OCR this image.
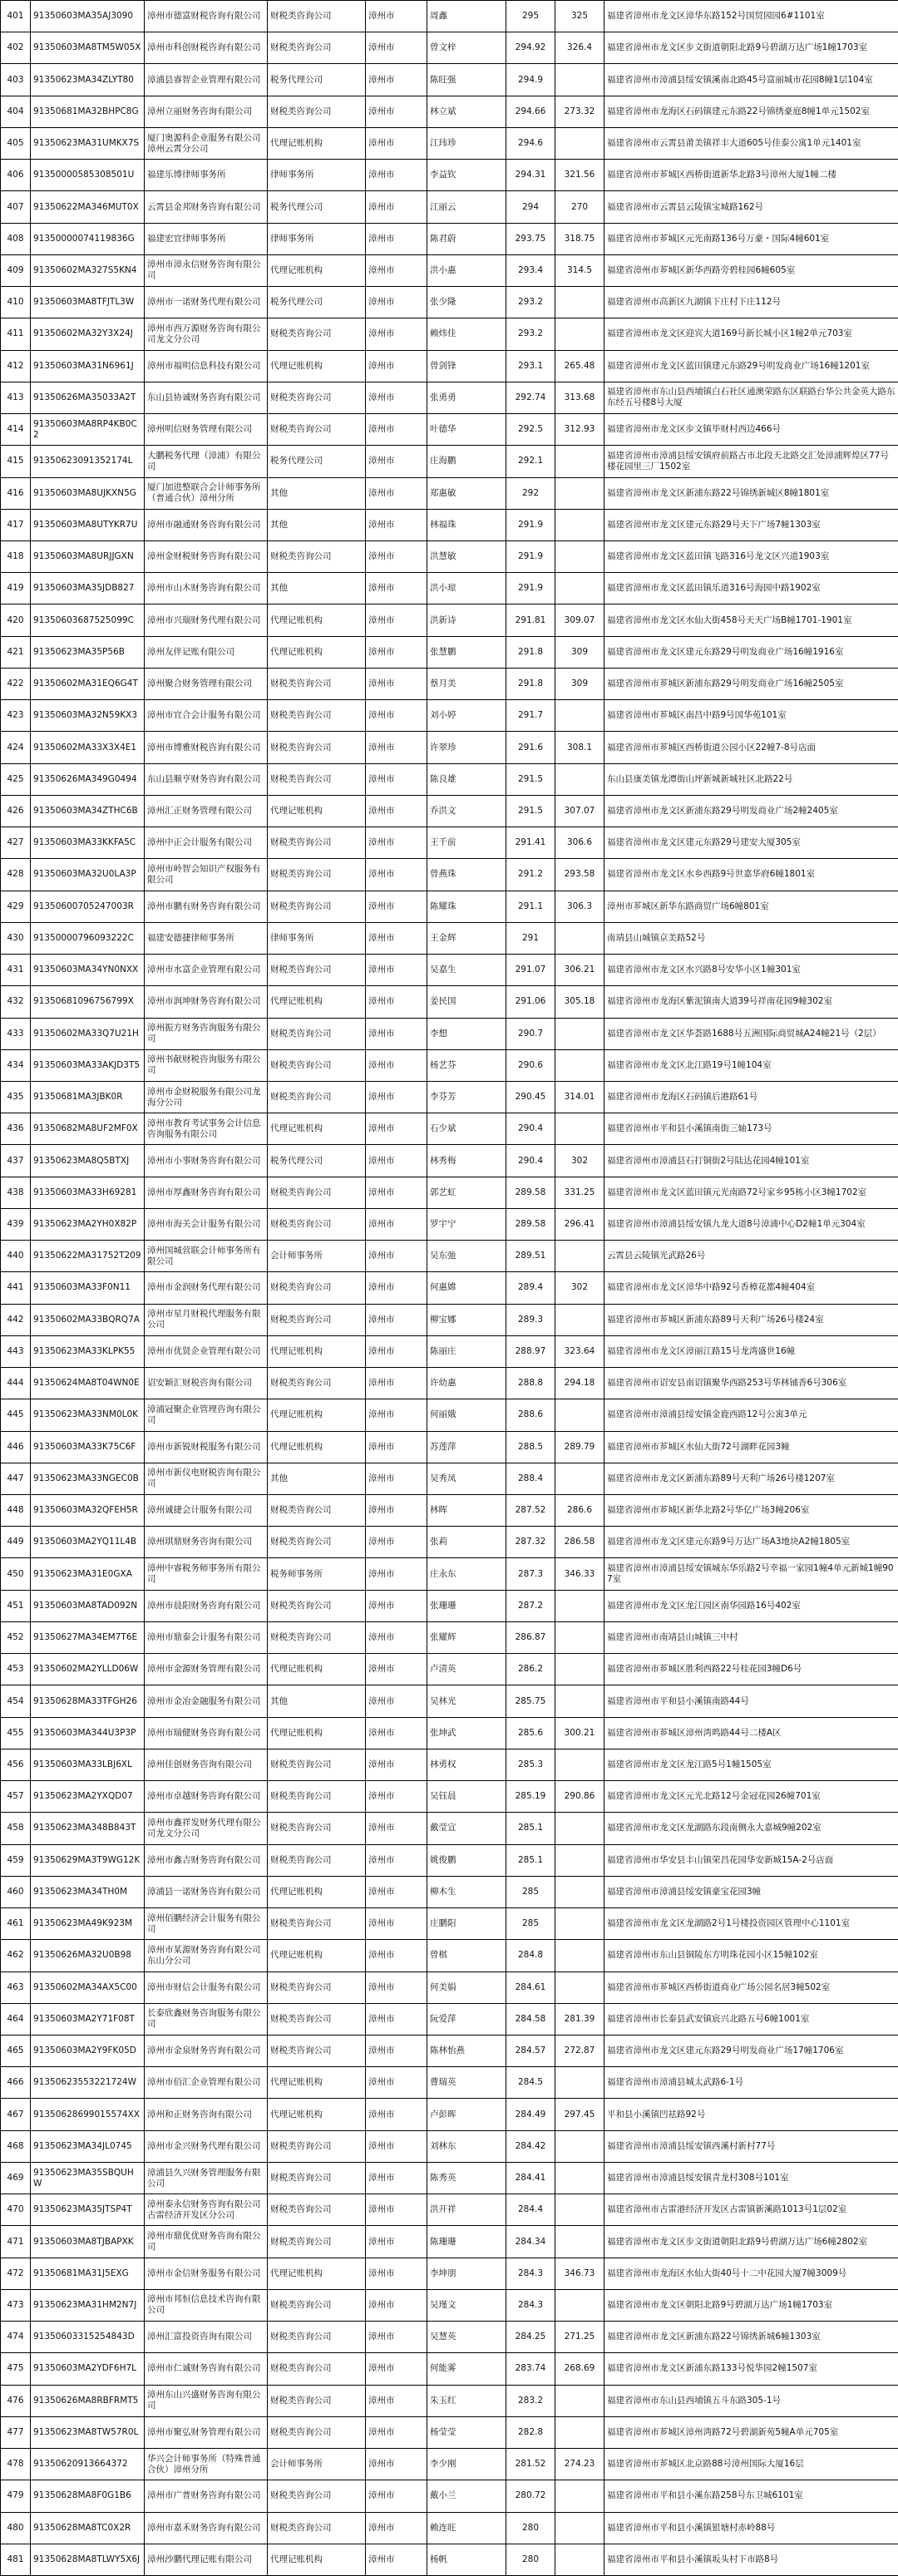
401	91350603MA35AJ3090	漳州市德富财税咨询有限公司	财税类咨询公司	漳州市	周鑫	295	325	福建省漳州市龙文区漳华东路152号国贸园园6#1101室
402	91350603MA8TM5W05X	漳州市科创财税咨询有限公司	财税类咨询公司	漳州市	曾文梓	294.92	326.4	福建省漳州市龙文区步文街道朝阳北路9号碧湖万达广场1幢1703室
403	91350623MA34ZLYT80	漳浦县睿智企业管理有限公司	税务代理公司	漳州市	陈旺强	294.9		福建省漳州市漳浦县绥安镇溪南北路45号富丽城市花园8幢1层104室
404	91350681MA32BHPC8G	漳州立丽财务咨询有限公司	财税类咨询公司	漳州市	林立斌	294.66	273.32	福建省漳州市龙海区石码镇建元东路22号锦绣豪庭8幢1单元1502室
405	91350623MA31UMKX7S	厦门奥源科企业服务有限公司漳州云霄分公司	代理记账机构	漳州市	江玮珍	294.6		福建省漳州市云霄县莆美镇祥丰大道605号佳泰公寓1单元1401室
406	91350000585308501U	福建乐博律师事务所	律师事务所	漳州市	李益钦	294.31	321.56	福建省漳州市芗城区西桥街道新华北路3号漳州大厦1幢二楼
407	91350622MA346MUT0X	云霄县金邦财务咨询有限公司	税务代理公司	漳州市	江丽云	294	270	福建省漳州市云霄县云陵镇宝城路162号
408	91350000074119836G	福建宏宜律师事务所	律师事务所	漳州市	陈君蔚	293.75	318.75	福建省漳州市芗城区元光南路136号万豪・国际4幢601室
409	91350602MA327S5KN4	漳州市漳永信财务咨询有限公司	代理记账机构	漳州市	洪小惠	293.4	314.5	福建省漳州市芗城区新华西路旁碧桂园6幢605室
410	91350603MA8TFJTL3W	漳州市一诺财务代理有限公司	税务代理公司	漳州市	张少隆	293.2		福建省漳州市高新区九湖镇下庄村下庄112号
411	91350602MA32Y3X24J	漳州市西万源财务咨询有限公司龙文分公司	财税类咨询公司	漳州市	赖炜佳	293.2		福建省漳州市龙文区迎宾大道169号新长城小区1幢2单元703室
412	91350603MA31N6961J	漳州市福明信息科技有限公司	代理记账机构	漳州市	曾剑锋	293.1	265.48	福建省漳州市龙文区蓝田镇建元东路29号明发商业广场16幢1201室
413	91350626MA35033A2T	东山县协诚财务咨询有限公司	财税类咨询公司	漳州市	张勇勇	292.74	313.68	福建省漳州市东山县西埔镇白石社区通澳荣路东区联路台华公共金英大路东东经五号楼8号大厦
414	91350603MA8RP4KB0C2	漳州明信财务管理有限公司	财税类咨询公司	漳州市	叶德华	292.5	312.93	福建省漳州市龙文区步文镇毕财村西边466号
415	91350623091352174L	大鹏税务代理（漳浦）有限公司	税务代理公司	漳州市	庄海鹏	292.1		福建省漳州市漳浦县绥安镇府前路古市北段天北路交汇处漳浦辉煌区77号楼花园里三厂1502室
416	91350603MA8UJKXN5G	厦门加进整联合会计师事务所（普通合伙）漳州分所	其他	漳州市	郑惠敏	292		福建省漳州市龙文区新浦东路22号锦绣新城区8幢1801室
417	91350603MA8UTYKR7U	漳州市融通财务咨询有限公司	其他	漳州市	林福珠	291.9		福建省漳州市龙文区建元东路29号天下广场7幢1303室
418	91350603MA8URJJGXN	漳州金财税财务咨询有限公司	财税类咨询公司	漳州市	洪慧敏	291.9		福建省漳州市龙文区蓝田镇飞路316号龙文区兴道1903室
419	91350603MA35JDB827	漳州市山木财务咨询有限公司	其他	漳州市	洪小琼	291.9		福建省漳州市龙文区蓝田镇乐道316号海园中路1902室
420	91350603687525099C	漳州市兴瑞财务代理有限公司	代理记账机构	漳州市	洪新诗	291.81	309.07	福建省漳州市龙文区水仙大街458号天天广场B幢1701-1901室
421	91350623MA35P56B	漳州友伴记账有限公司	代理记账机构	漳州市	张慧鹏	291.8	309	福建省漳州市龙文区建元东路29号明发商业广场16幢1916室
422	91350602MA31EQ6G4T	漳州聚合财务管理有限公司	财税类咨询公司	漳州市	蔡月美	291.8	309	福建省漳州市芗城区新浦东路29号明发商业广场16幢2505室
423	91350603MA32N59KX3	漳州市宜合会计服务有限公司	财税类咨询公司	漳州市	刘小婷	291.7		福建省漳州市芗城区南昌中路9号国华苑101室
424	91350602MA33X3X4E1	漳州市博雅财税咨询有限公司	财税类咨询公司	漳州市	许翠珍	291.6	308.1	福建省漳州市芗城区西桥街道公园小区22幢7-8号店面
425	91350626MA349G0494	东山县顺亨财务咨询有限公司	财税类咨询公司	漳州市	陈良雄	291.5		东山县康美镇龙潭街山坪新城新城社区北路22号
426	91350603MA34ZTHC6B	漳州汇正财务管理有限公司	代理记账机构	漳州市	乔洪文	291.5	307.07	福建省漳州市龙文区新浦东路29号明发商业广场2幢2405室
427	91350603MA33KKFA5C	漳州中正会计服务有限公司	财税类咨询公司	漳州市	王千前	291.41	306.6	福建省漳州市龙文区建元东路29号建安大厦305室
428	91350603MA32U0LA3P	漳州市岭智会知识产权服务有限公司	财税类咨询公司	漳州市	曾燕珠	291.2	293.58	福建省漳州市龙文区水乡西路9号世嘉华府6幢1801室
429	91350600705247003R	漳州市鹏有财务咨询有限公司	财税类咨询公司	漳州市	陈耀珠	291.1	306.3	漳州市芗城区新华东路商贸广场6幢801室
430	91350000796093222C	福建安德捷律师事务所	律师事务所	漳州市	王金辉	291		南靖县山城镇京美路52号
431	91350603MA34YN0NXX	漳州市水富企业管理有限公司	财税类咨询公司	漳州市	吴嘉生	291.07	306.21	福建省漳州市龙文区水兴路8号安华小区1幢301室
432	91350681096756799X	漳州市润坤财务咨询有限公司	代理记账机构	漳州市	姜民国	291.06	305.18	福建省漳州市龙海区紫泥镇南大道39号祥南花园9幢302室
433	91350602MA33Q7U21H	漳州振方财务咨询服务有限公司	财税类咨询公司	漳州市	李想	290.7		福建省漳州市龙文区华荟路1688号五洲国际商贸城A24幢21号（2层）
434	91350603MA33AKJD3T5	漳州书献财税咨询服务有限公司	财税类咨询公司	漳州市	杨艺芬	290.6		福建省漳州市龙文区北江路19号1幢104室
435	91350681MA3JBK0R	漳州市金财税服务有限公司龙海分公司	财税类咨询公司	漳州市	李芬芳	290.45	314.01	福建省漳州市龙海区石码镇后港路61号
436	91350682MA8UF2MF0X	漳州市教育考试事务会计信息咨询服务有限公司	代理记账机构	漳州市	石少斌	290.4		福建省漳州市平和县小溪镇南街三轴173号
437	91350623MA8Q5BTXJ	漳州市小事财务咨询有限公司	税务代理公司	漳州市	林秀梅	290.4	302	福建省漳州市漳浦县石打铜街2号陆达花园4幢101室
438	91350603MA33H69281	漳州市厚鑫财务咨询有限公司	财税类咨询公司	漳州市	郭艺虹	289.58	331.25	福建省漳州市龙文区蓝田镇元光南路72号家乡95栋小区3幢1702室
439	91350623MA2YH0X82P	漳州市海关会计服务有限公司	财税类咨询公司	漳州市	罗宇宁	289.58	296.41	福建省漳州市漳浦县绥安镇九龙大道8号漳浦中心D2幢1单元304室
440	91350622MA31752T209	漳州国城营联会计师事务所有限公司	会计师事务所	漳州市	吴东弛	289.51		云霄县云陵镇光武路26号
441	91350603MA33F0N11	漳州市金润财务代理有限公司	财税类咨询公司	漳州市	何惠嫦	289.4	302	福建省漳州市龙文区漳华中路92号香樟花都4幢404室
442	91350602MA33BQRQ7A	漳州市星月财税代理服务有限公司	财税类咨询公司	漳州市	柳宝娜	289.3		福建省漳州市芗城区新浦东路89号天利广场26号楼24室
443	91350623MA33KLPK55	漳州市优贤企业管理有限公司	代理记账机构	漳州市	陈丽庄	288.97	323.64	福建省漳州市龙文区漳丽江路15号龙湾盛世16幢
444	91350624MA8T04WN0E	诏安颖汇财税咨询有限公司	财税类咨询公司	漳州市	许幼惠	288.8	294.18	福建省漳州市诏安县南诏镇聚华西路253号华林铺香6号306室
445	91350623MA33NM0L0K	漳浦冠聚企业管理咨询有限公司	代理记账机构	漳州市	何丽娥	288.6		福建省漳州市漳浦县绥安镇金鹿西路12号公寓3单元
446	91350603MA33K75C6F	漳州市新锐财税服务有限公司	代理记账机构	漳州市	苏莲萍	288.5	289.79	福建省漳州市芗城区水仙大街72号湖畔花园3幢
447	91350623MA33NGEC0B	漳州市新仪电财税咨询有限公司	其他	漳州市	吴秀凤	288.4		福建省漳州市龙文区新浦东路89号天利广场26号楼1207室
448	91350603MA32QFEH5R	漳州诚捷会计服务有限公司	财税类咨询公司	漳州市	林晖	287.52	286.6	福建省漳州市芗城区新华北路2号华亿广场3幢206室
449	91350603MA2YQ11L4B	漳州琪鼎财务咨询有限公司	财税类咨询公司	漳州市	张莉	287.32	286.58	福建省漳州市龙文区建元东路9号万达广场A3地块A2幢1805室
450	91350623MA31E0GXA	漳州中睿税务师事务所有限公司	税务师事务所	漳州市	庄永东	287.3	346.33	福建省漳州市漳浦县绥安镇城东华乐路2号幸福一家园1幢4单元新城1幢907室
451	91350603MA8TAD092N	漳州市晨阳财务咨询有限公司	财税类咨询公司	漳州市	张珊珊	287.2		福建省漳州市龙文区龙江园区南华园路16号402室
452	91350627MA34EM7T6E	漳州市鼎泰会计服务有限公司	财税类咨询公司	漳州市	张耀辉	286.87		福建省漳州市南靖县山城镇三中村
453	91350602MA2YLLD06W	漳州市金源财务管理有限公司	代理记账机构	漳州市	卢清英	286.2		福建省漳州市芗城区胜利西路22号桂花园3幢D6号
454	91350628MA33TFGH26	漳州市金冶金融服务有限公司	其他	漳州市	吴林光	285.75		福建省漳州市平和县小溪镇南路44号
455	91350603MA344U3P3P	漳州市瑞健财务咨询有限公司	代理记账机构	漳州市	张坤武	285.6	300.21	福建省漳州市芗城区漳州湾鸣路44号二楼A区
456	91350603MA33LBJ6XL	漳州佳创财务咨询有限公司	财税类咨询公司	漳州市	林勇权	285.3		福建省漳州市龙文区龙江路5号1幢1505室
457	91350623MA2YXQD07	漳州市卓越财务咨询有限公司	财税类咨询公司	漳州市	吴钰晨	285.19	290.86	福建省漳州市龙文区元光北路12号金冠花园26幢701室
458	91350623MA348B843T	漳州市鑫祥发财务代理有限公司龙文分公司	财税类咨询公司	漳州市	戴莹宣	285.1		福建省漳州市龙文区龙湖路东段南侧永大嘉城9幢202室
459	91350629MA3T9WG12K	漳州市鑫吉财务咨询有限公司	财税类咨询公司	漳州市	姚俊鹏	285.1		福建省漳州市华安县丰山镇荣昌花园华安新城15A-2号店面
460	91350623MA34TH0M	漳浦县一诺财务咨询有限公司	代理记账机构	漳州市	柳木生	285		福建省漳州市漳浦县绥安镇豪宝花园3幢
461	91350623MA49K923M	漳州佰鹏经济会计服务有限公司	财税类咨询公司	漳州市	庄鹏阳	285		福建省漳州市龙文区龙湖路2号1号楼投资园区管理中心1101室
462	91350626MA32U0B98	漳州市某源财务咨询有限公司东山分公司	代理记账机构	漳州市	曾棋	284.8		福建省漳州市东山县铜陵东方明珠花园小区15幢102室
463	91350602MA34AX5C00	漳州市财信会计服务有限公司	财税类咨询公司	漳州市	何美娟	284.61		福建省漳州市芗城区西桥街道商业广场公园名居3幢502室
464	91350603MA2Y71F08T	长泰欣鑫财务咨询服务有限公司	财税类咨询公司	漳州市	阮爱萍	284.58	281.39	福建省漳州市长泰县武安镇宸兴北路五号6幢1001室
465	91350603MA2Y9FK05D	漳州市金泉财务咨询有限公司	财税类咨询公司	漳州市	陈林怡燕	284.57	272.87	福建省漳州市龙文区建元东路29号明发商业广场17幢1706室
466	91350623553221724W	漳州市佰汇企业管理有限公司	代理记账机构	漳州市	曹瑞英	284.5		福建省漳州市漳浦县城太武路6-1号
467	91350628699015574XX	漳州和正财务咨询有限公司	代理记账机构	漳州市	卢彭晖	284.49	297.45	平和县小溪镇凹祛路92号
468	91350623MA34JL0745	漳州市金兴财务代理有限公司	财税类咨询公司	漳州市	刘林东	284.42		福建省漳州市漳浦县绥安镇西溪村新村77号
469	91350623MA35SBQUHW	漳浦县久兴财务管理服务有限公司	财税类咨询公司	漳州市	陈秀英	284.41		福建省漳州市漳浦县绥安镇青龙村308号101室
470	91350623MA35JTSP4T	漳州泰永信财务咨询有限公司古雷经济开发区分公司	财税类咨询公司	漳州市	洪开祥	284.4		福建省漳州市古雷港经济开发区古雷镇新溪路1013号1层02室
471	91350603MA8TJBAPXK	漳州市鼎优优财务咨询有限公司	财税类咨询公司	漳州市	陈珊珊	284.34		福建省漳州市龙文区步文街道朝阳北路9号碧湖万达广场6幢2802室
472	91350681MA31J5EXG	漳州市金信财务服务有限公司	代理记账机构	漳州市	李坤朋	284.3	346.73	福建省漳州市龙海区水仙大街40号十二中花园大厦7幢3009号
473	91350623MA31HM2N7J	漳州市邦恒信息技术咨询有限公司	财税类咨询公司	漳州市	吴瑾文	284.3		福建省漳州市龙文区朝阳北路9号碧湖万达广场1幢1703室
474	91350603315254843D	漳州汇富投资咨询有限公司	财税类咨询公司	漳州市	吴慧英	284.25	271.25	福建省漳州市龙文区新浦东路22号锦绣新城6幢1303室
475	91350603MA2YDF6H7L	漳州市仁诚财务咨询有限公司	财税类咨询公司	漳州市	何能雾	283.74	268.69	福建省漳州市龙文区新浦东路133号悦华园2幢1507室
476	91350626MA8RBFRMT5	漳州东山兴盛财务咨询有限公司	财税类咨询公司	漳州市	朱玉红	283.2		福建省漳州市东山县西埔镇五斗东路305-1号
477	91350623MA8TW57R0L	漳州市聚弘财务管理有限公司	财税类咨询公司	漳州市	杨莹莹	282.8		福建省漳州市芗城区漳州湾路72号碧湖新苑5幢A单元705室
478	91350620913664372	华兴会计师事务所（特殊普通合伙）漳州分所	会计师事务所	漳州市	李少刚	281.52	274.23	福建省漳州市芗城区北京路88号漳州国际大厦16层
479	91350628MA8F0G1B6	漳州市广普财务咨询有限公司	财税类咨询公司	漳州市	戴小兰	280.72		福建省漳州市平和县小溪东路258号东卫城6101室
480	91350628MA8TC0X2R	漳州市嘉禾财务咨询有限公司	财税类咨询公司	漳州市	赖连旺	280		福建省漳州市平和县小溪镇银塘村赤岭88号
481	91350628MA8TLWY5X6J	漳州沙鹏代理记账有限公司	代理记账机构	漳州市	杨帆	280		福建省漳州市平和县小溪镇坂头村下市路8号
